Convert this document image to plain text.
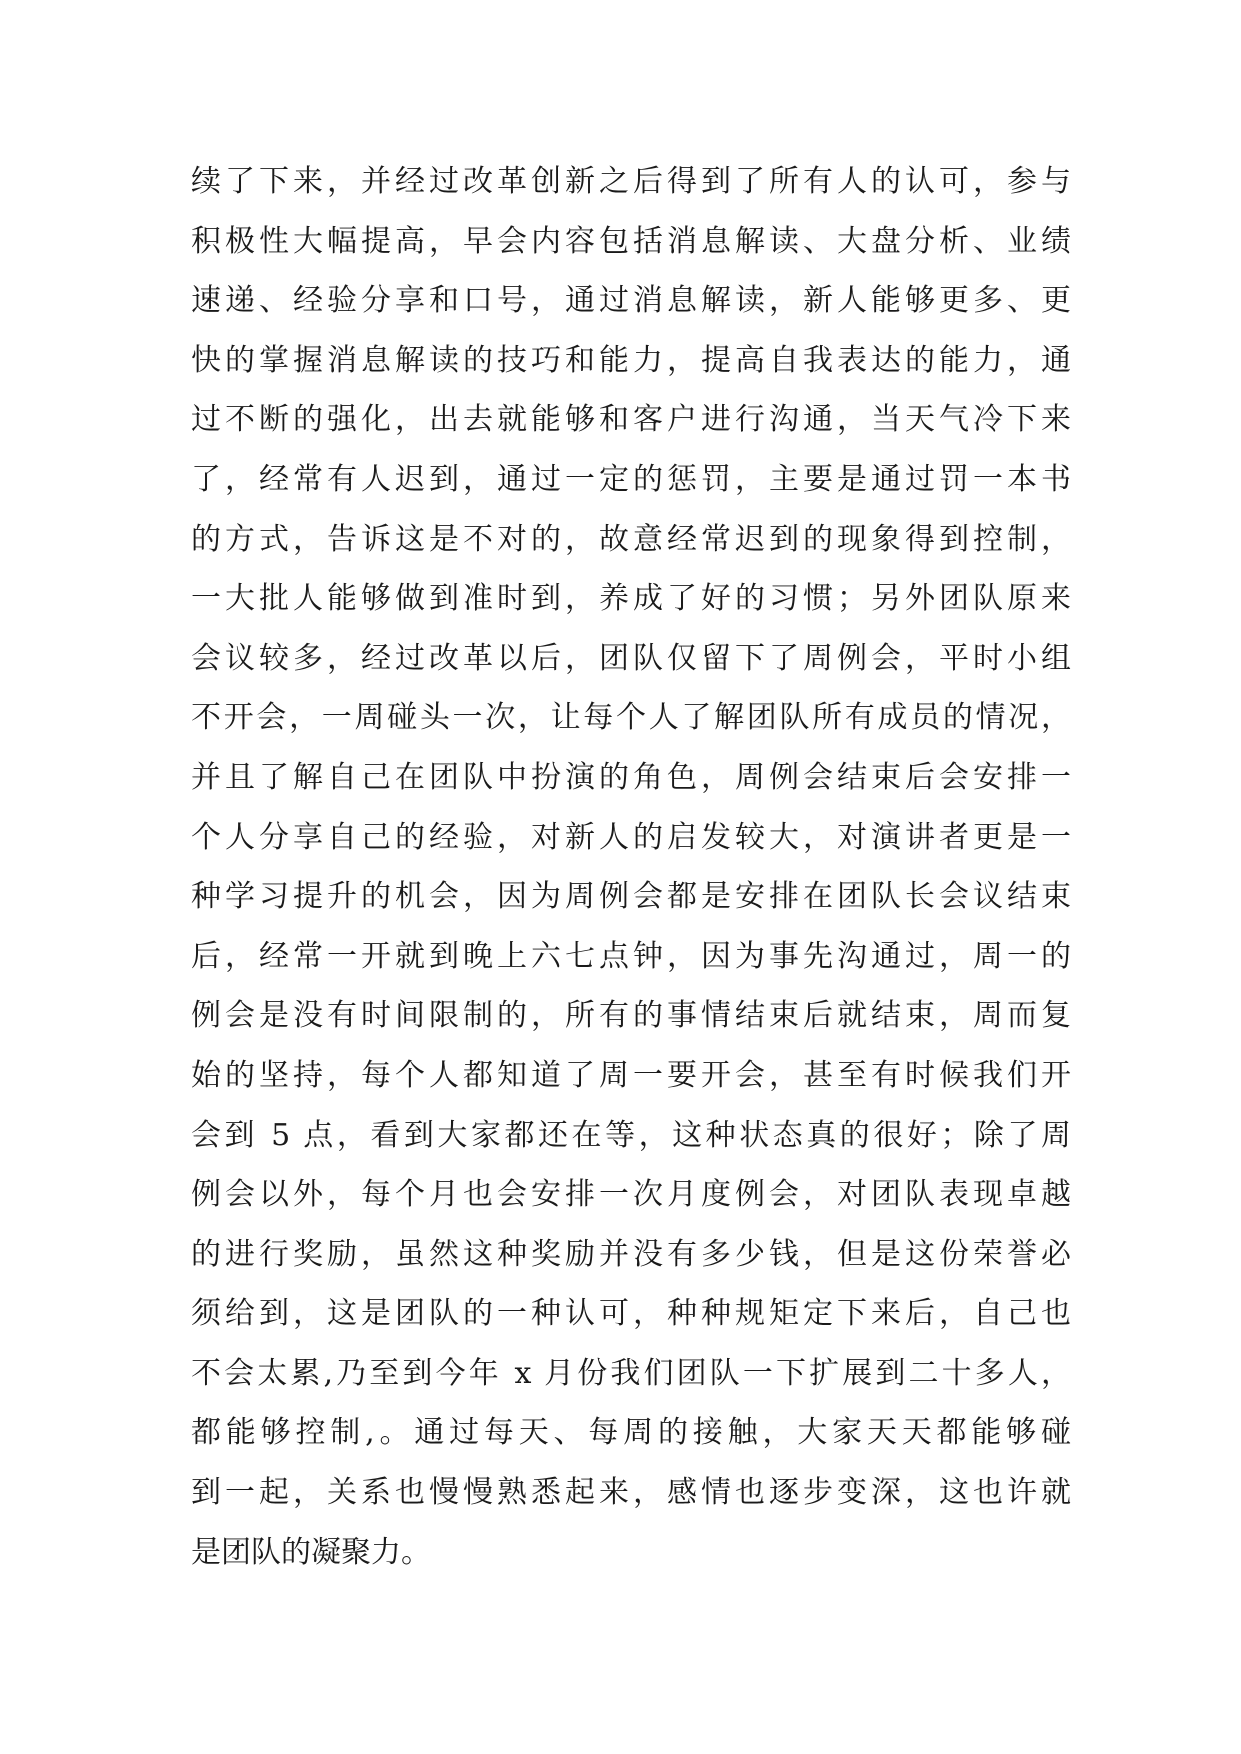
续了下来，并经过改革创新之后得到了所有人的认可，参与
积极性大幅提高，早会内容包括消息解读、大盘分析、业绩
速递、经验分享和口号，通过消息解读，新人能够更多、更
快的掌握消息解读的技巧和能力，提高自我表达的能力，通
过不断的强化，出去就能够和客户进行沟通，当天气冷下来
了，经常有人迟到，通过一定的惩罚，主要是通过罚一本书
的方式，告诉这是不对的，故意经常迟到的现象得到控制，
一大批人能够做到准时到，养成了好的习惯；另外团队原来
会议较多，经过改革以后，团队仅留下了周例会，平时小组
不开会，一周碰头一次，让每个人了解团队所有成员的情况，
并且了解自己在团队中扮演的角色，周例会结束后会安排一
个人分享自己的经验，对新人的启发较大，对演讲者更是一
种学习提升的机会，因为周例会都是安排在团队长会议结束
后，经常一开就到晚上六七点钟，因为事先沟通过，周一的
例会是没有时间限制的，所有的事情结束后就结束，周而复
始的坚持，每个人都知道了周一要开会，甚至有时候我们开
会到 5 点，看到大家都还在等，这种状态真的很好；除了周
例会以外，每个月也会安排一次月度例会，对团队表现卓越
的进行奖励，虽然这种奖励并没有多少钱，但是这份荣誉必
须给到，这是团队的一种认可，种种规矩定下来后，自己也
不会太累,乃至到今年 x 月份我们团队一下扩展到二十多人，
都能够控制,。通过每天、每周的接触，大家天天都能够碰
到一起，关系也慢慢熟悉起来，感情也逐步变深，这也许就
是团队的凝聚力。
